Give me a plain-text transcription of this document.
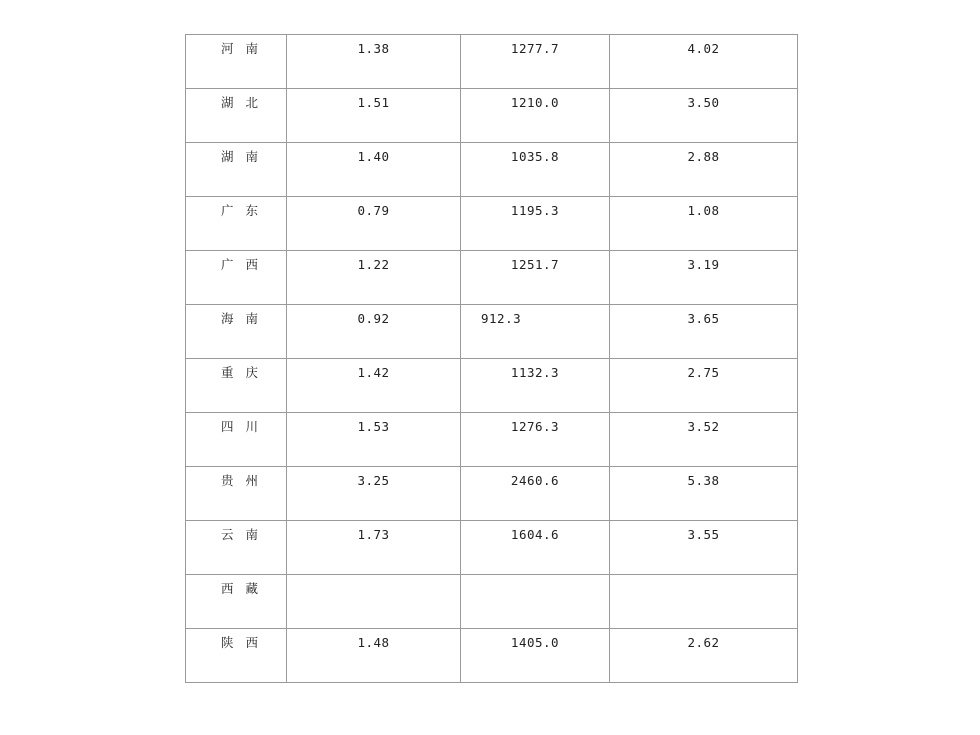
河 南	1.38	1277.7	4.02
湖 北	1.51	1210.0	3.50
湖 南	1.40	1035.8	2.88
广 东	0.79	1195.3	1.08
广 西	1.22	1251.7	3.19
海 南	0.92	912.3	3.65
重 庆	1.42	1132.3	2.75
四 川	1.53	1276.3	3.52
贵 州	3.25	2460.6	5.38
云 南	1.73	1604.6	3.55
西 藏			
陕 西	1.48	1405.0	2.62
